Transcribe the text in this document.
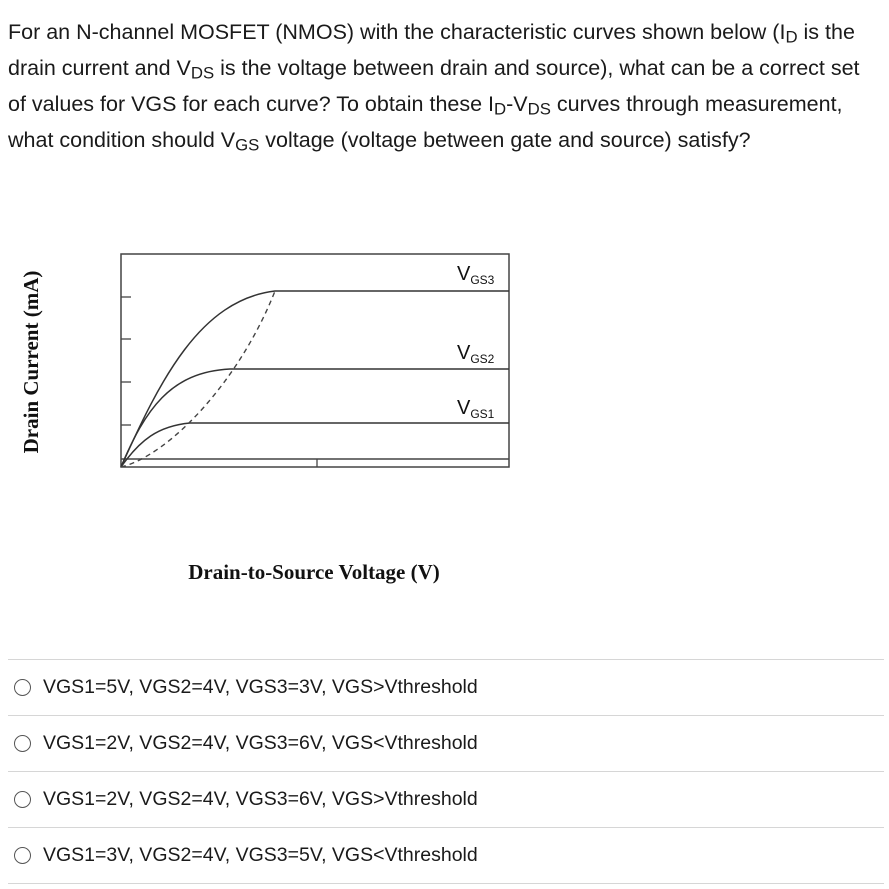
For an N-channel MOSFET (NMOS) with the characteristic curves shown below ($I_D$ is the drain current and $V_{DS}$ is the voltage between drain and source), what can be a correct set of values for VGS for each curve? To obtain these $I_D-V_{DS}$ curves through measurement, what condition should $V_{GS}$ voltage (voltage between gate and source) satisfy?
Drain Current (mA)	$V_{GS3}$
$V_{GS2}$
$V_{GS1}$
Drain-to-Source Voltage (V)
VGS1=5V, VGS2=4V, VGS3=3V, VGS>Vthreshold
VGS1=2V, VGS2=4V, VGS3=6V, VGS<Vthreshold
VGS1=2V, VGS2=4V, VGS3=6V, VGS>Vthreshold
VGS1=3V, VGS2=4V, VGS3=5V, VGS<Vthreshold
